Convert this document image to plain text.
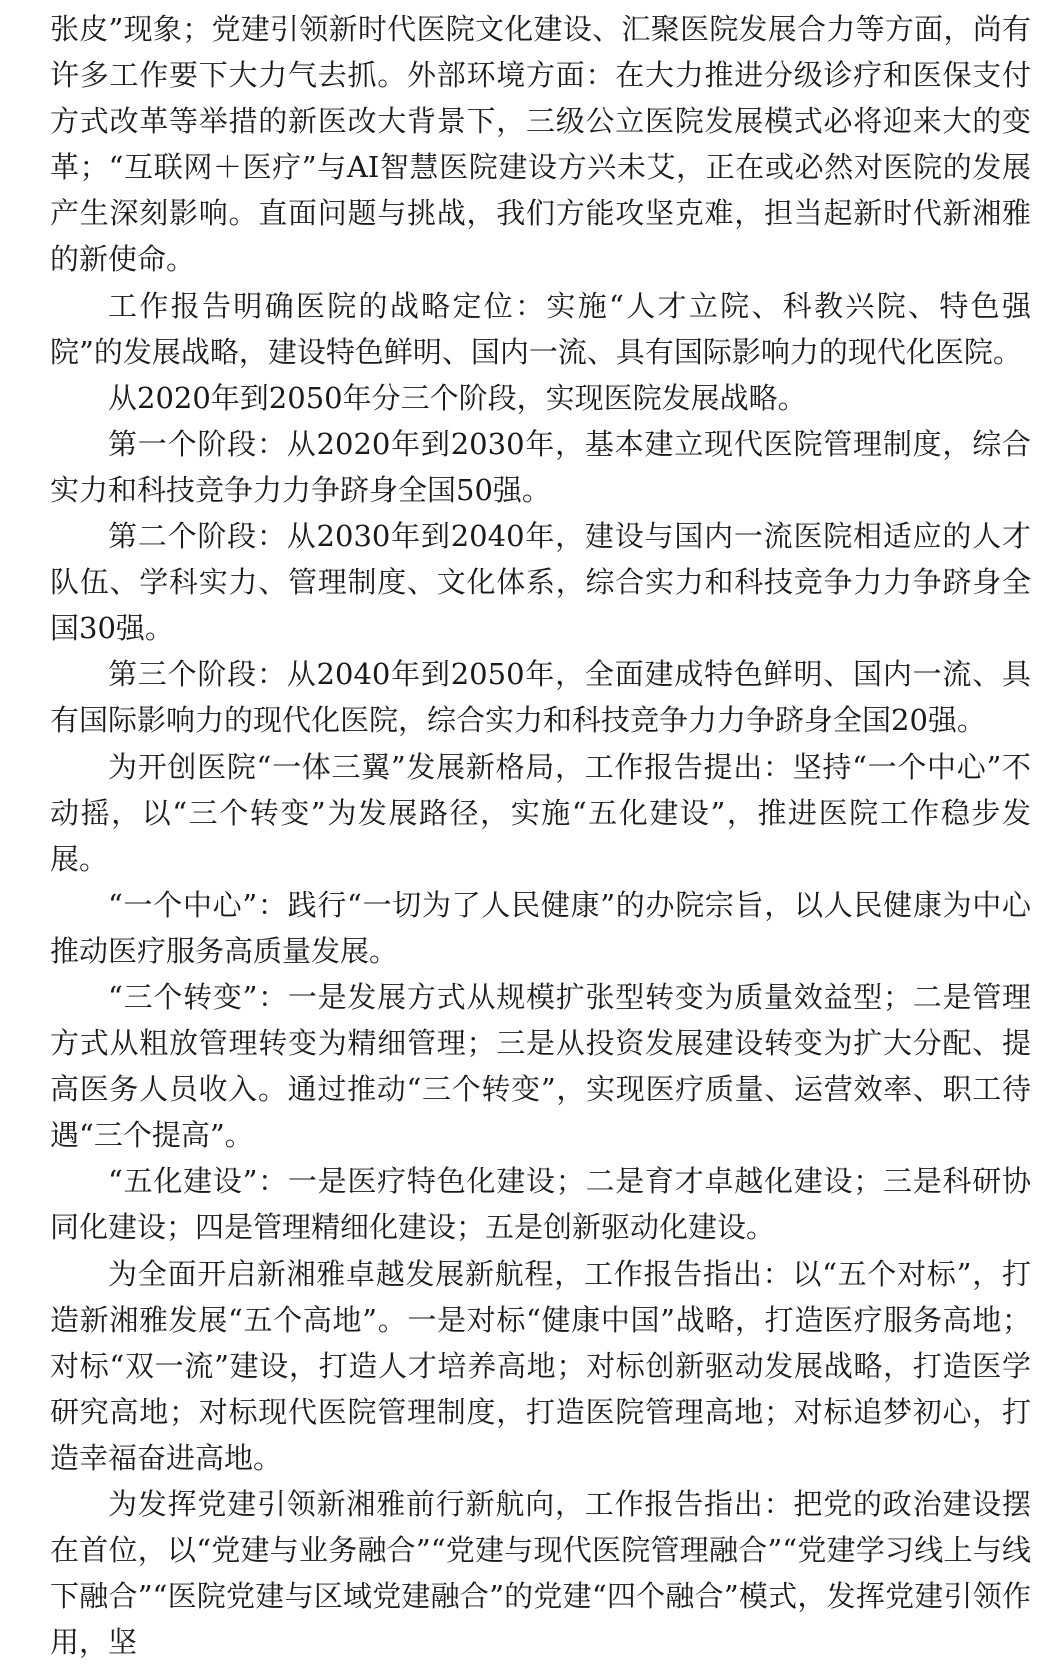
张皮”现象；党建引领新时代医院文化建设、汇聚医院发展合力等方面，尚有许多工作要下大力气去抓。外部环境方面：在大力推进分级诊疗和医保支付方式改革等举措的新医改大背景下，三级公立医院发展模式必将迎来大的变革；“互联网＋医疗”与AI智慧医院建设方兴未艾，正在或必然对医院的发展产生深刻影响。直面问题与挑战，我们方能攻坚克难，担当起新时代新湘雅的新使命。

工作报告明确医院的战略定位：实施“人才立院、科教兴院、特色强院”的发展战略，建设特色鲜明、国内一流、具有国际影响力的现代化医院。

从2020年到2050年分三个阶段，实现医院发展战略。

第一个阶段：从2020年到2030年，基本建立现代医院管理制度，综合实力和科技竞争力力争跻身全国50强。

第二个阶段：从2030年到2040年，建设与国内一流医院相适应的人才队伍、学科实力、管理制度、文化体系，综合实力和科技竞争力力争跻身全国30强。

第三个阶段：从2040年到2050年，全面建成特色鲜明、国内一流、具有国际影响力的现代化医院，综合实力和科技竞争力力争跻身全国20强。

为开创医院“一体三翼”发展新格局，工作报告提出：坚持“一个中心”不动摇，以“三个转变”为发展路径，实施“五化建设”，推进医院工作稳步发展。

“一个中心”：践行“一切为了人民健康”的办院宗旨，以人民健康为中心推动医疗服务高质量发展。

“三个转变”：一是发展方式从规模扩张型转变为质量效益型；二是管理方式从粗放管理转变为精细管理；三是从投资发展建设转变为扩大分配、提高医务人员收入。通过推动“三个转变”，实现医疗质量、运营效率、职工待遇“三个提高”。

“五化建设”：一是医疗特色化建设；二是育才卓越化建设；三是科研协同化建设；四是管理精细化建设；五是创新驱动化建设。

为全面开启新湘雅卓越发展新航程，工作报告指出：以“五个对标”，打造新湘雅发展“五个高地”。一是对标“健康中国”战略，打造医疗服务高地；对标“双一流”建设，打造人才培养高地；对标创新驱动发展战略，打造医学研究高地；对标现代医院管理制度，打造医院管理高地；对标追梦初心，打造幸福奋进高地。

为发挥党建引领新湘雅前行新航向，工作报告指出：把党的政治建设摆在首位，以“党建与业务融合”“党建与现代医院管理融合”“党建学习线上与线下融合”“医院党建与区域党建融合”的党建“四个融合”模式，发挥党建引领作用，坚
